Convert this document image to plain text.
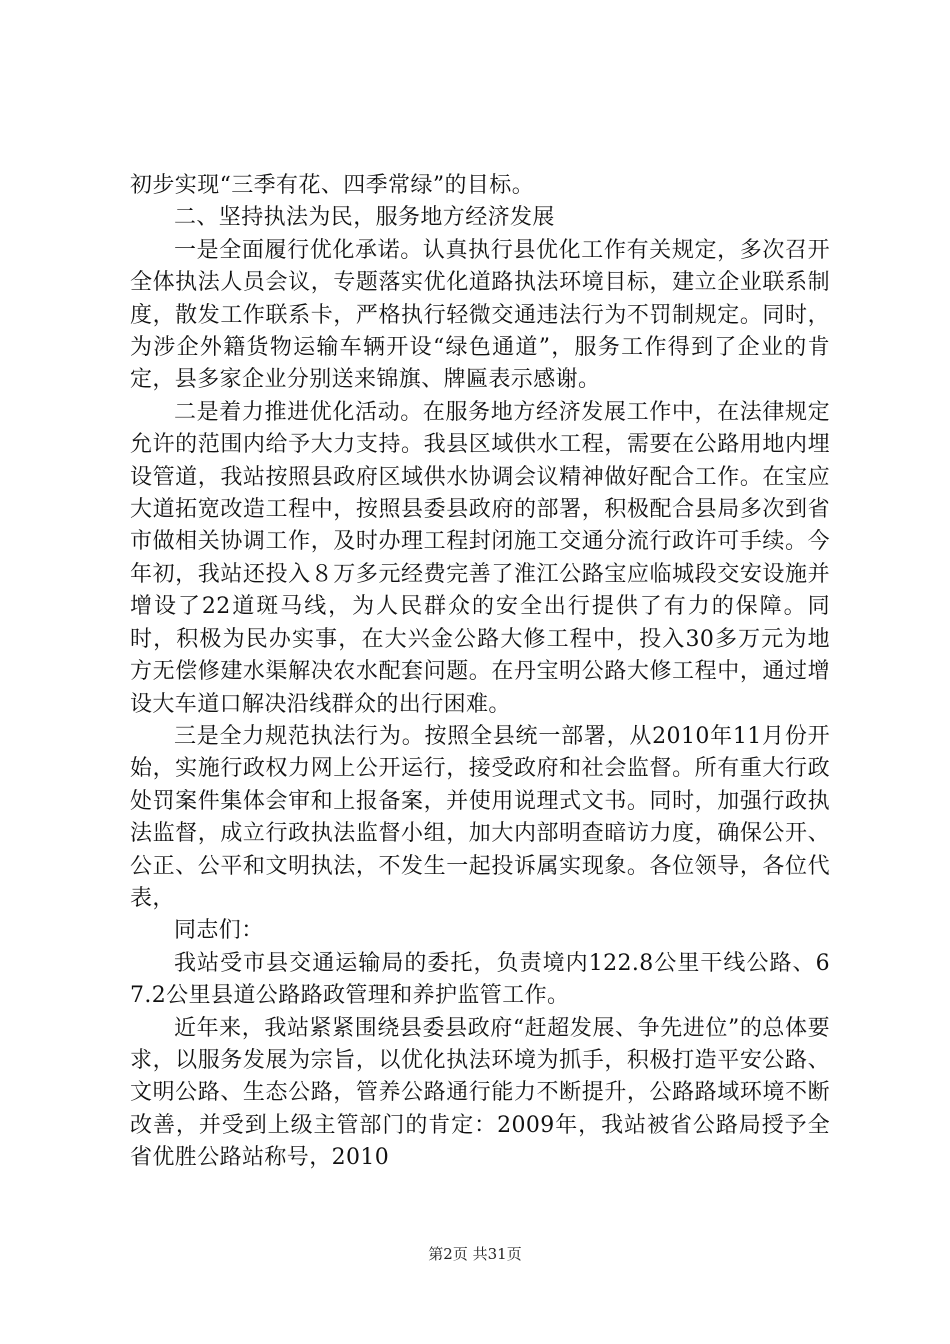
初步实现“三季有花、四季常绿”的目标。

二、坚持执法为民，服务地方经济发展

一是全面履行优化承诺。认真执行县优化工作有关规定，多次召开全体执法人员会议，专题落实优化道路执法环境目标，建立企业联系制度，散发工作联系卡，严格执行轻微交通违法行为不罚制规定。同时，为涉企外籍货物运输车辆开设“绿色通道”，服务工作得到了企业的肯定，县多家企业分别送来锦旗、牌匾表示感谢。

二是着力推进优化活动。在服务地方经济发展工作中，在法律规定允许的范围内给予大力支持。我县区域供水工程，需要在公路用地内埋设管道，我站按照县政府区域供水协调会议精神做好配合工作。在宝应大道拓宽改造工程中，按照县委县政府的部署，积极配合县局多次到省市做相关协调工作，及时办理工程封闭施工交通分流行政许可手续。今年初，我站还投入８万多元经费完善了淮江公路宝应临城段交安设施并增设了22道斑马线，为人民群众的安全出行提供了有力的保障。同时，积极为民办实事，在大兴金公路大修工程中，投入30多万元为地方无偿修建水渠解决农水配套问题。在丹宝明公路大修工程中，通过增设大车道口解决沿线群众的出行困难。

三是全力规范执法行为。按照全县统一部署，从2010年11月份开始，实施行政权力网上公开运行，接受政府和社会监督。所有重大行政处罚案件集体会审和上报备案，并使用说理式文书。同时，加强行政执法监督，成立行政执法监督小组，加大内部明查暗访力度，确保公开、公正、公平和文明执法，不发生一起投诉属实现象。各位领导，各位代表，

同志们：

我站受市县交通运输局的委托，负责境内122.8公里干线公路、67.2公里县道公路路政管理和养护监管工作。

近年来，我站紧紧围绕县委县政府“赶超发展、争先进位”的总体要求，以服务发展为宗旨，以优化执法环境为抓手，积极打造平安公路、文明公路、生态公路，管养公路通行能力不断提升，公路路域环境不断改善，并受到上级主管部门的肯定：2009年，我站被省公路局授予全省优胜公路站称号，2010

第2页 共31页
